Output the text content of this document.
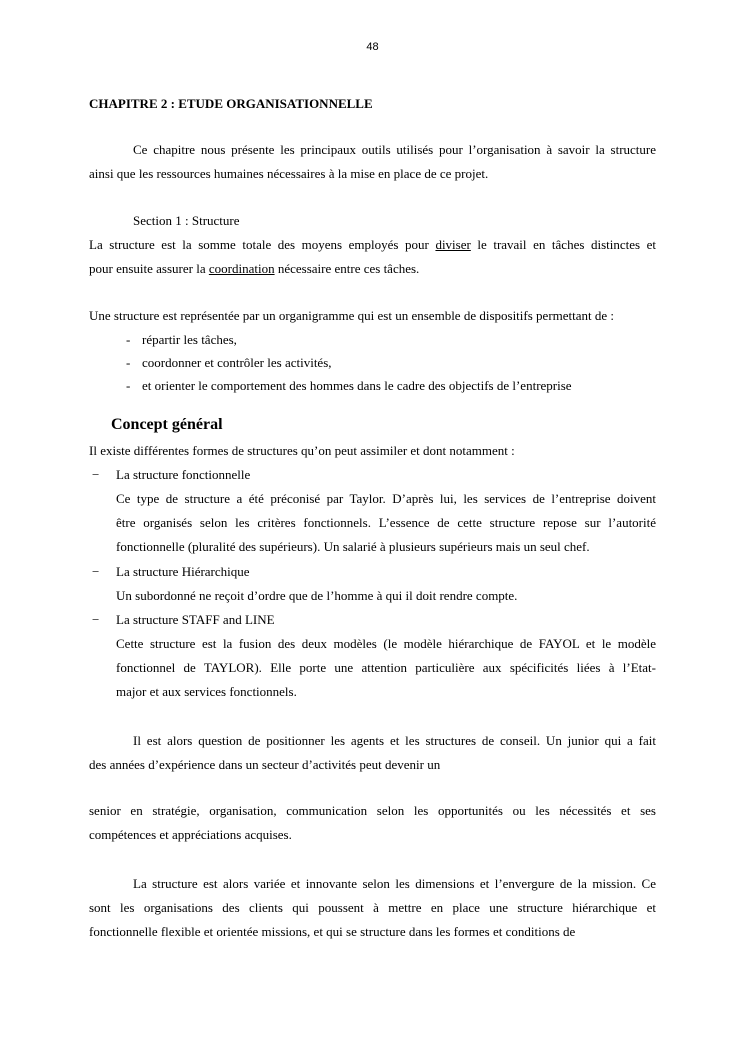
48
CHAPITRE 2 : ETUDE ORGANISATIONNELLE
Ce chapitre nous présente les principaux outils utilisés pour l’organisation à savoir la structure
ainsi que les ressources humaines nécessaires à la mise en place de ce projet.
Section 1 : Structure
La structure est la somme totale des moyens employés pour diviser le travail en tâches distinctes et
pour ensuite assurer la coordination nécessaire entre ces tâches.
Une structure est représentée par un organigramme qui est un ensemble de dispositifs permettant de :
- répartir les tâches,
- coordonner et contrôler les activités,
- et orienter le comportement des hommes dans le cadre des objectifs de l’entreprise
Concept général
Il existe différentes formes de structures qu’on peut assimiler et dont notamment :
− La structure fonctionnelle
Ce type de structure a été préconisé par Taylor. D’après lui, les services de l’entreprise doivent
être organisés selon les critères fonctionnels. L’essence de cette structure repose sur l’autorité
fonctionnelle (pluralité des supérieurs). Un salarié à plusieurs supérieurs mais un seul chef.
− La structure Hiérarchique
Un subordonné ne reçoit d’ordre que de l’homme à qui il doit rendre compte.
− La structure STAFF and LINE
Cette structure est la fusion des deux modèles (le modèle hiérarchique de FAYOL et le modèle
fonctionnel de TAYLOR). Elle porte une attention particulière aux spécificités liées à l’Etat-
major et aux services fonctionnels.
Il est alors question de positionner les agents et les structures de conseil. Un junior qui a fait
des années d’expérience dans un secteur d’activités peut devenir un
senior en stratégie, organisation, communication selon les opportunités ou les nécessités et ses
compétences et appréciations acquises.
La structure est alors variée et innovante selon les dimensions et l’envergure de la mission. Ce
sont les organisations des clients qui poussent à mettre en place une structure hiérarchique et
fonctionnelle flexible et orientée missions, et qui se structure dans les formes et conditions de
